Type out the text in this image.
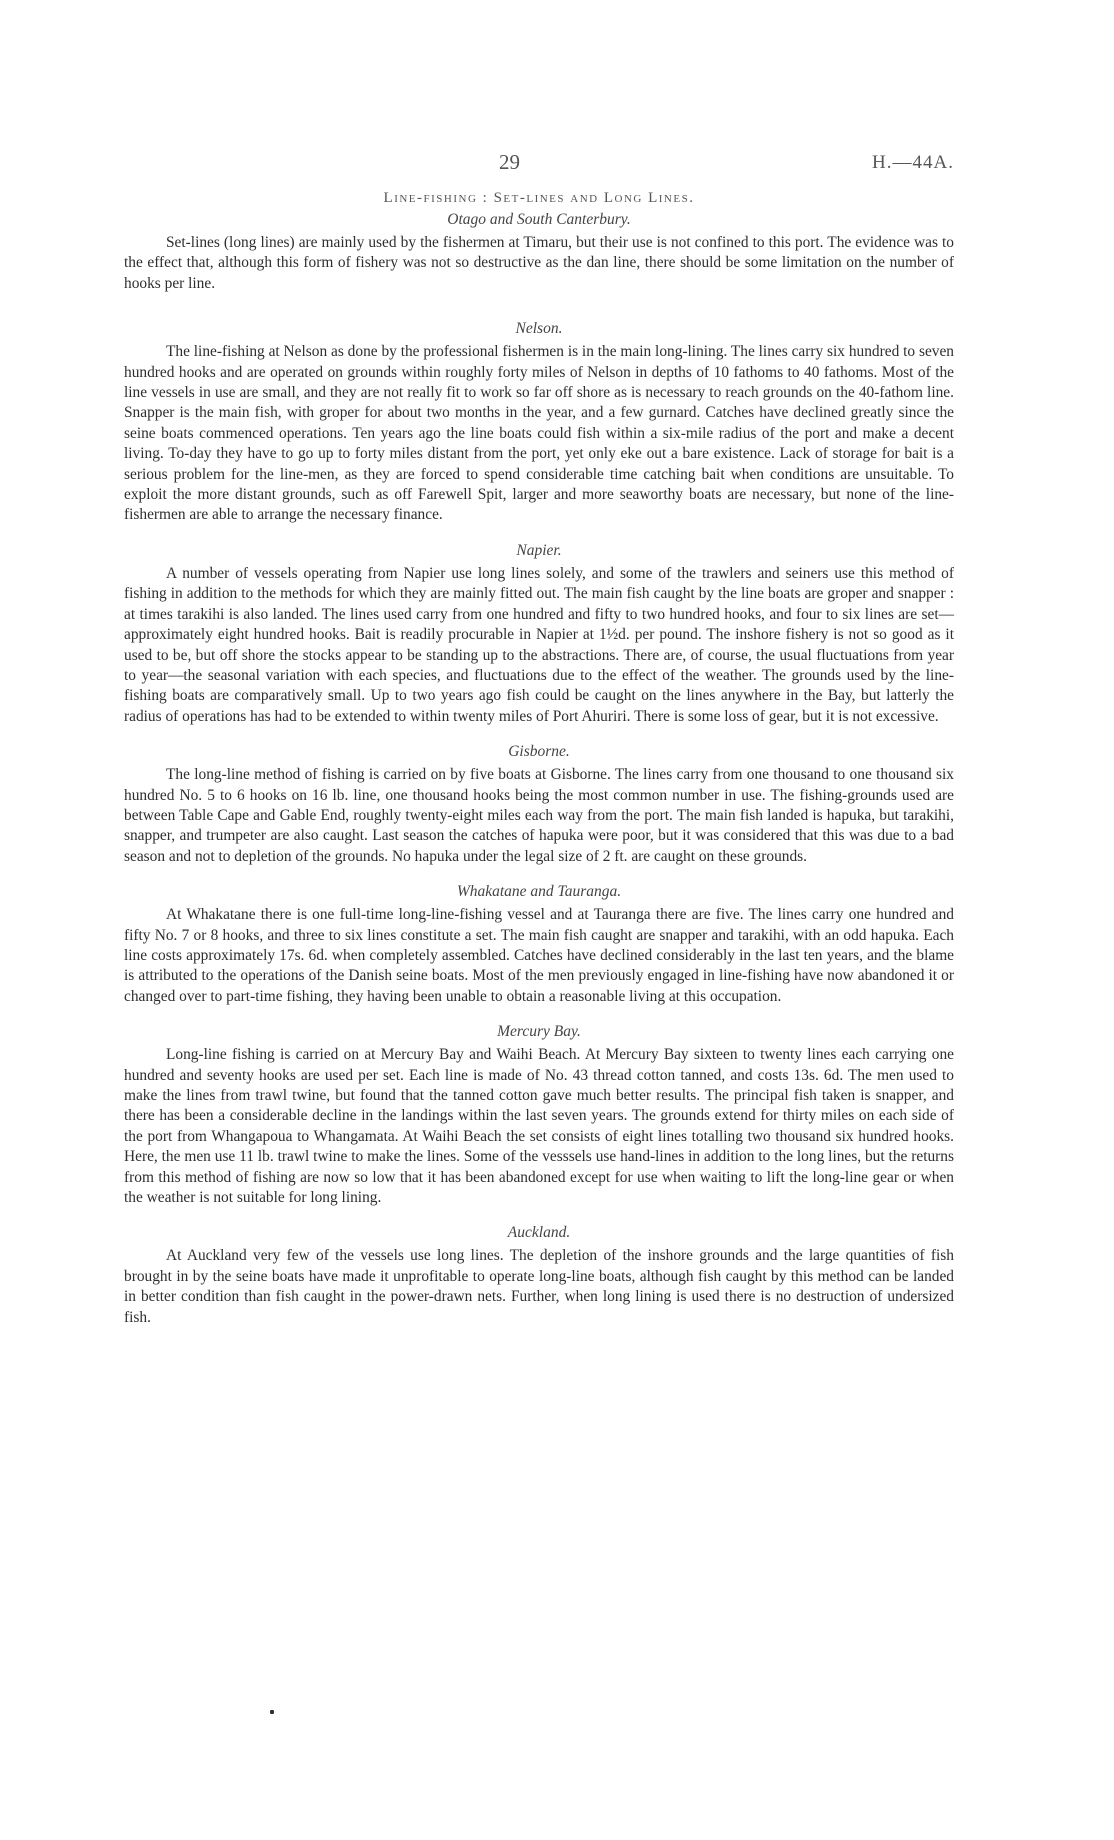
29	H.—44A.
Line-fishing : Set-lines and Long Lines.
Otago and South Canterbury.

Set-lines (long lines) are mainly used by the fishermen at Timaru, but their use is not confined to this port. The evidence was to the effect that, although this form of fishery was not so destructive as the dan line, there should be some limitation on the number of hooks per line.

Nelson.

The line-fishing at Nelson as done by the professional fishermen is in the main long-lining. The lines carry six hundred to seven hundred hooks and are operated on grounds within roughly forty miles of Nelson in depths of 10 fathoms to 40 fathoms. Most of the line vessels in use are small, and they are not really fit to work so far off shore as is necessary to reach grounds on the 40-fathom line. Snapper is the main fish, with groper for about two months in the year, and a few gurnard. Catches have declined greatly since the seine boats commenced operations. Ten years ago the line boats could fish within a six-mile radius of the port and make a decent living. To-day they have to go up to forty miles distant from the port, yet only eke out a bare existence. Lack of storage for bait is a serious problem for the line-men, as they are forced to spend considerable time catching bait when conditions are unsuitable. To exploit the more distant grounds, such as off Farewell Spit, larger and more seaworthy boats are necessary, but none of the line-fishermen are able to arrange the necessary finance.

Napier.

A number of vessels operating from Napier use long lines solely, and some of the trawlers and seiners use this method of fishing in addition to the methods for which they are mainly fitted out. The main fish caught by the line boats are groper and snapper : at times tarakihi is also landed. The lines used carry from one hundred and fifty to two hundred hooks, and four to six lines are set—approximately eight hundred hooks. Bait is readily procurable in Napier at 1½d. per pound. The inshore fishery is not so good as it used to be, but off shore the stocks appear to be standing up to the abstractions. There are, of course, the usual fluctuations from year to year—the seasonal variation with each species, and fluctuations due to the effect of the weather. The grounds used by the line-fishing boats are comparatively small. Up to two years ago fish could be caught on the lines anywhere in the Bay, but latterly the radius of operations has had to be extended to within twenty miles of Port Ahuriri. There is some loss of gear, but it is not excessive.

Gisborne.

The long-line method of fishing is carried on by five boats at Gisborne. The lines carry from one thousand to one thousand six hundred No. 5 to 6 hooks on 16 lb. line, one thousand hooks being the most common number in use. The fishing-grounds used are between Table Cape and Gable End, roughly twenty-eight miles each way from the port. The main fish landed is hapuka, but tarakihi, snapper, and trumpeter are also caught. Last season the catches of hapuka were poor, but it was considered that this was due to a bad season and not to depletion of the grounds. No hapuka under the legal size of 2 ft. are caught on these grounds.

Whakatane and Tauranga.

At Whakatane there is one full-time long-line-fishing vessel and at Tauranga there are five. The lines carry one hundred and fifty No. 7 or 8 hooks, and three to six lines constitute a set. The main fish caught are snapper and tarakihi, with an odd hapuka. Each line costs approximately 17s. 6d. when completely assembled. Catches have declined considerably in the last ten years, and the blame is attributed to the operations of the Danish seine boats. Most of the men previously engaged in line-fishing have now abandoned it or changed over to part-time fishing, they having been unable to obtain a reasonable living at this occupation.

Mercury Bay.

Long-line fishing is carried on at Mercury Bay and Waihi Beach. At Mercury Bay sixteen to twenty lines each carrying one hundred and seventy hooks are used per set. Each line is made of No. 43 thread cotton tanned, and costs 13s. 6d. The men used to make the lines from trawl twine, but found that the tanned cotton gave much better results. The principal fish taken is snapper, and there has been a considerable decline in the landings within the last seven years. The grounds extend for thirty miles on each side of the port from Whangapoua to Whangamata. At Waihi Beach the set consists of eight lines totalling two thousand six hundred hooks. Here, the men use 11 lb. trawl twine to make the lines. Some of the vesssels use hand-lines in addition to the long lines, but the returns from this method of fishing are now so low that it has been abandoned except for use when waiting to lift the long-line gear or when the weather is not suitable for long lining.

Auckland.

At Auckland very few of the vessels use long lines. The depletion of the inshore grounds and the large quantities of fish brought in by the seine boats have made it unprofitable to operate long-line boats, although fish caught by this method can be landed in better condition than fish caught in the power-drawn nets. Further, when long lining is used there is no destruction of undersized fish.
